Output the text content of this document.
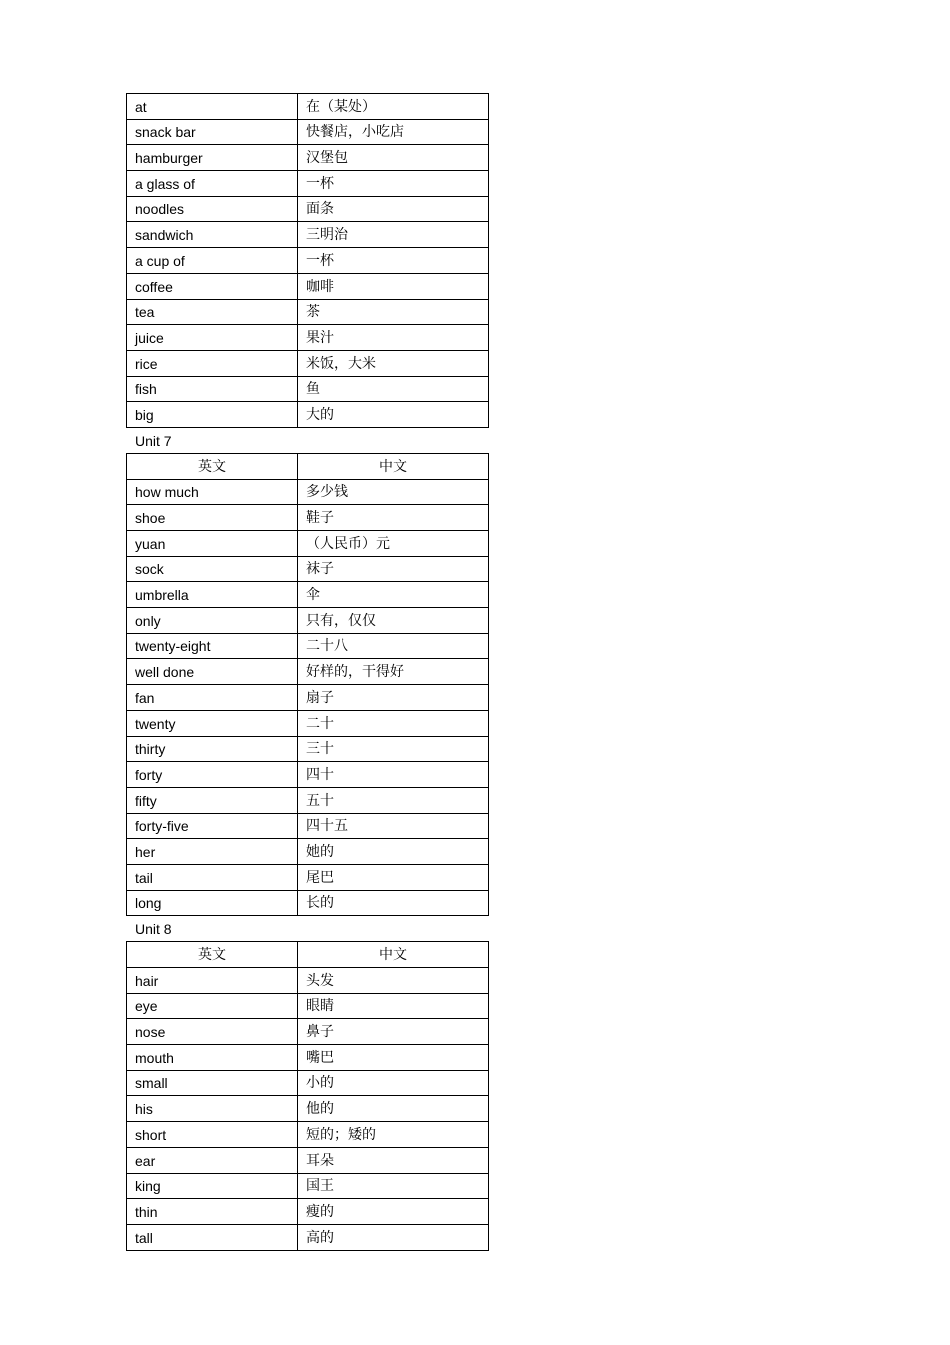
at	在（某处）
snack bar	快餐店，小吃店
hamburger	汉堡包
a glass of	一杯
noodles	面条
sandwich	三明治
a cup of	一杯
coffee	咖啡
tea	茶
juice	果汁
rice	米饭，大米
fish	鱼
big	大的
Unit 7
英文	中文
how much	多少钱
shoe	鞋子
yuan	（人民币）元
sock	袜子
umbrella	伞
only	只有，仅仅
twenty-eight	二十八
well done	好样的，干得好
fan	扇子
twenty	二十
thirty	三十
forty	四十
fifty	五十
forty-five	四十五
her	她的
tail	尾巴
long	长的
Unit 8
英文	中文
hair	头发
eye	眼睛
nose	鼻子
mouth	嘴巴
small	小的
his	他的
short	短的；矮的
ear	耳朵
king	国王
thin	瘦的
tall	高的
